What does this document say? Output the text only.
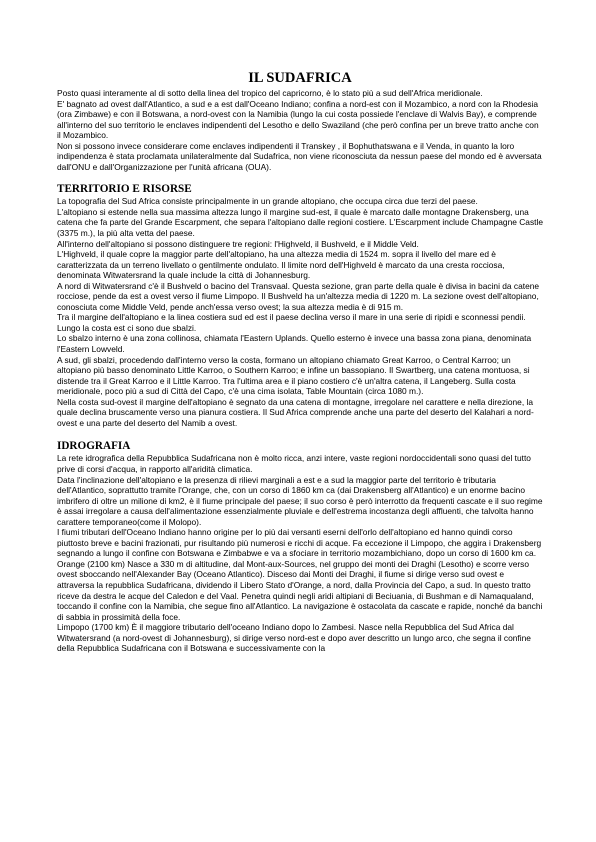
IL SUDAFRICA

Posto quasi interamente al di sotto della linea del tropico del capricorno, è lo stato più a sud dell'Africa meridionale.

E' bagnato ad ovest dall'Atlantico, a sud e a est dall'Oceano Indiano; confina a nord-est con il Mozambico, a nord con la Rhodesia (ora Zimbawe) e con il Botswana, a nord-ovest con la Namibia (lungo la cui costa possiede l'enclave di Walvis Bay), e comprende all'interno del suo territorio le enclaves indipendenti del Lesotho e dello Swaziland (che però confina per un breve tratto anche con il Mozambico.

Non si possono invece considerare come enclaves indipendenti il Transkey , il Bophuthatswana e il Venda, in quanto la loro indipendenza è stata proclamata unilateralmente dal Sudafrica, non viene riconosciuta da nessun paese del mondo ed è avversata dall'ONU e dall'Organizzazione per l'unità africana (OUA).

TERRITORIO E RISORSE

La topografia del Sud Africa consiste principalmente in un grande altopiano, che occupa circa due terzi del paese.

L'altopiano si estende nella sua massima altezza lungo il margine sud-est, il quale è marcato dalle montagne Drakensberg, una catena che fa parte del Grande Escarpment, che separa l'altopiano dalle regioni costiere. L'Escarpment include Champagne Castle (3375 m.), la più alta vetta del paese.

All'interno dell'altopiano si possono distinguere tre regioni: l'Highveld, il Bushveld, e il Middle Veld.

L'Highveld, il quale copre la maggior parte dell'altopiano, ha una altezza media di 1524 m. sopra il livello del mare ed è caratterizzata da un terreno livellato o gentilmente ondulato. Il limite nord dell'Highveld è marcato da una cresta rocciosa, denominata Witwatersrand la quale include la città di Johannesburg.

A nord di Witwatersrand c'è il Bushveld o bacino del Transvaal. Questa sezione, gran parte della quale è divisa in bacini da catene rocciose, pende da est a ovest verso il fiume Limpopo. Il Bushveld ha un'altezza media di 1220 m. La sezione ovest dell'altopiano, conosciuta come Middle Veld, pende anch'essa verso ovest; la sua altezza media è di 915 m.

Tra il margine dell'altopiano e la linea costiera sud ed est il paese declina verso il mare in una serie di ripidi e sconnessi pendii. Lungo la costa est ci sono due sbalzi.

Lo sbalzo interno è una zona collinosa, chiamata l'Eastern Uplands. Quello esterno è invece una bassa zona piana, denominata l'Eastern Lowveld.

A sud, gli sbalzi, procedendo dall'interno verso la costa, formano un altopiano chiamato Great Karroo, o Central Karroo; un altopiano più basso denominato Little Karroo, o Southern Karroo; e infine un bassopiano. Il Swartberg, una catena montuosa, si distende tra il Great Karroo e il Little Karroo. Tra l'ultima area e il piano costiero c'è un'altra catena, il Langeberg. Sulla costa meridionale, poco più a sud di Città del Capo, c'è una cima isolata, Table Mountain (circa 1080 m.).

Nella costa sud-ovest il margine dell'altopiano è segnato da una catena di montagne, irregolare nel carattere e nella direzione, la quale declina bruscamente verso una pianura costiera. Il Sud Africa comprende anche una parte del deserto del Kalahari a nord-ovest e una parte del deserto del Namib a ovest.

IDROGRAFIA

La rete idrografica della Repubblica Sudafricana non è molto ricca, anzi intere, vaste regioni nordoccidentali sono quasi del tutto prive di corsi d'acqua, in rapporto all'aridità climatica.

Data l'inclinazione dell'altopiano e la presenza di rilievi marginali a est e a sud la maggior parte del territorio è tributaria dell'Atlantico, soprattutto tramite l'Orange, che, con un corso di 1860 km ca (dai Drakensberg all'Atlantico) e un enorme bacino imbrifero di oltre un milione di km2, è il fiume principale del paese; il suo corso è però interrotto da frequenti cascate e il suo regime è assai irregolare a causa dell'alimentazione essenzialmente pluviale e dell'estrema incostanza degli affluenti, che talvolta hanno carattere temporaneo(come il Molopo).

I fiumi tributari dell'Oceano Indiano hanno origine per lo più dai versanti eserni dell'orlo dell'altopiano ed hanno quindi corso piuttosto breve e bacini frazionati, pur risultando più numerosi e ricchi di acque. Fa eccezione il Limpopo, che aggira i Drakensberg segnando a lungo il confine con Botswana e Zimbabwe e va a sfociare in territorio mozambichiano, dopo un corso di 1600 km ca. Orange (2100 km) Nasce a 330 m di altitudine, dal Mont-aux-Sources, nel gruppo dei monti dei Draghi (Lesotho) e scorre verso ovest sboccando nell'Alexander Bay (Oceano Atlantico). Disceso dai Monti dei Draghi, il fiume si dirige verso sud ovest e attraversa la repubblica Sudafricana, dividendo il Libero Stato d'Orange, a nord, dalla Provincia del Capo, a sud. In questo tratto riceve da destra le acque del Caledon e del Vaal. Penetra quindi negli aridi altipiani di Beciuania, di Bushman e di Namaqualand, toccando il confine con la Namibia, che segue fino all'Atlantico. La navigazione è ostacolata da cascate e rapide, nonché da banchi di sabbia in prossimità della foce.

Limpopo (1700 km) È il maggiore tributario dell'oceano Indiano dopo lo Zambesi. Nasce nella Repubblica del Sud Africa dal Witwatersrand (a nord-ovest di Johannesburg), si dirige verso nord-est e dopo aver descritto un lungo arco, che segna il confine della Repubblica Sudafricana con il Botswana e successivamente con la
